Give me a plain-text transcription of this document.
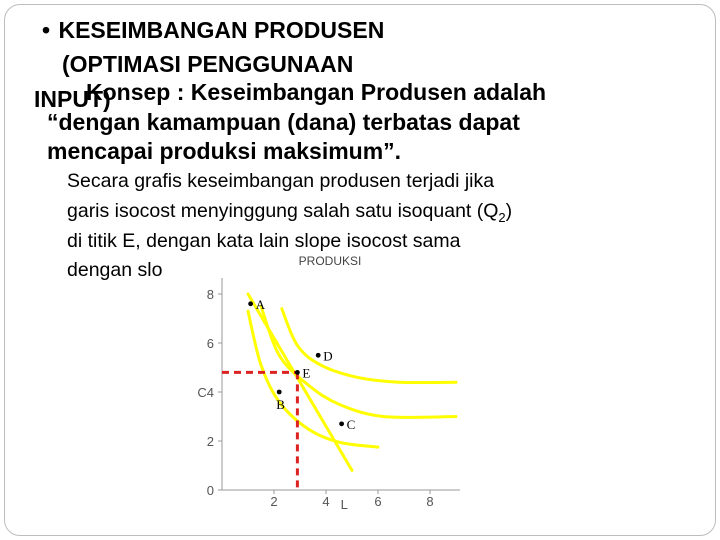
• KESEIMBANGAN PRODUSEN
(OPTIMASI PENGGUNAAN
INPUT)
Konsep : Keseimbangan Produsen adalah
“dengan kamampuan (dana) terbatas dapat
mencapai produksi maksimum”.
Secara grafis keseimbangan produsen terjadi jika
garis isocost menyinggung salah satu isoquant $(Q_2)$
di titik E, dengan kata lain slope isocost sama
dengan slo
0
2
C4
6
8
2	4	6	8
L
PRODUKSI
A
D
E
B
C
